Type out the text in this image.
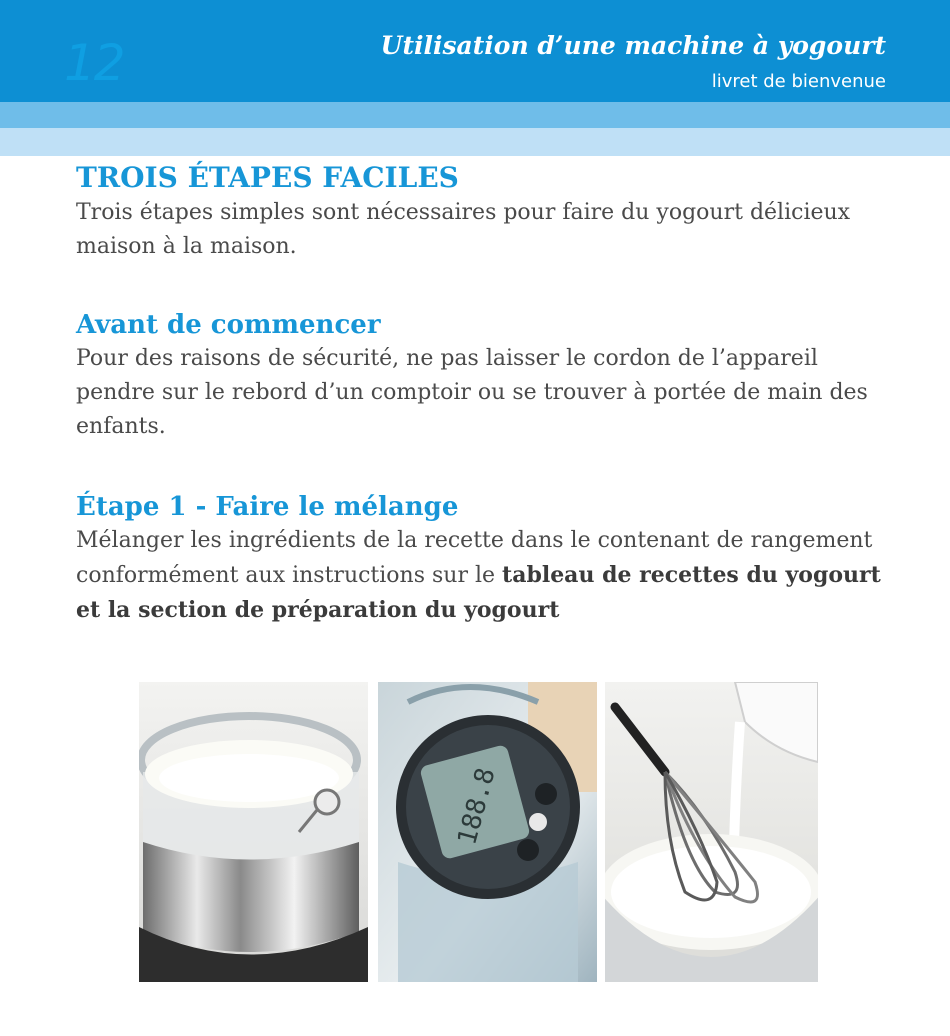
12	Utilisation d’une machine à yogourt
livret de bienvenue
TROIS ÉTAPES FACILES

Trois étapes simples sont nécessaires pour faire du yogourt délicieux maison à la maison.

Avant de commencer

Pour des raisons de sécurité, ne pas laisser le cordon de l’appareil pendre sur le rebord d’un comptoir ou se trouver à portée de main des enfants.

Étape 1 - Faire le mélange

Mélanger les ingrédients de la recette dans le contenant de rangement conformément aux instructions sur le tableau de recettes du yogourt et la section de préparation du yogourt

188.8
